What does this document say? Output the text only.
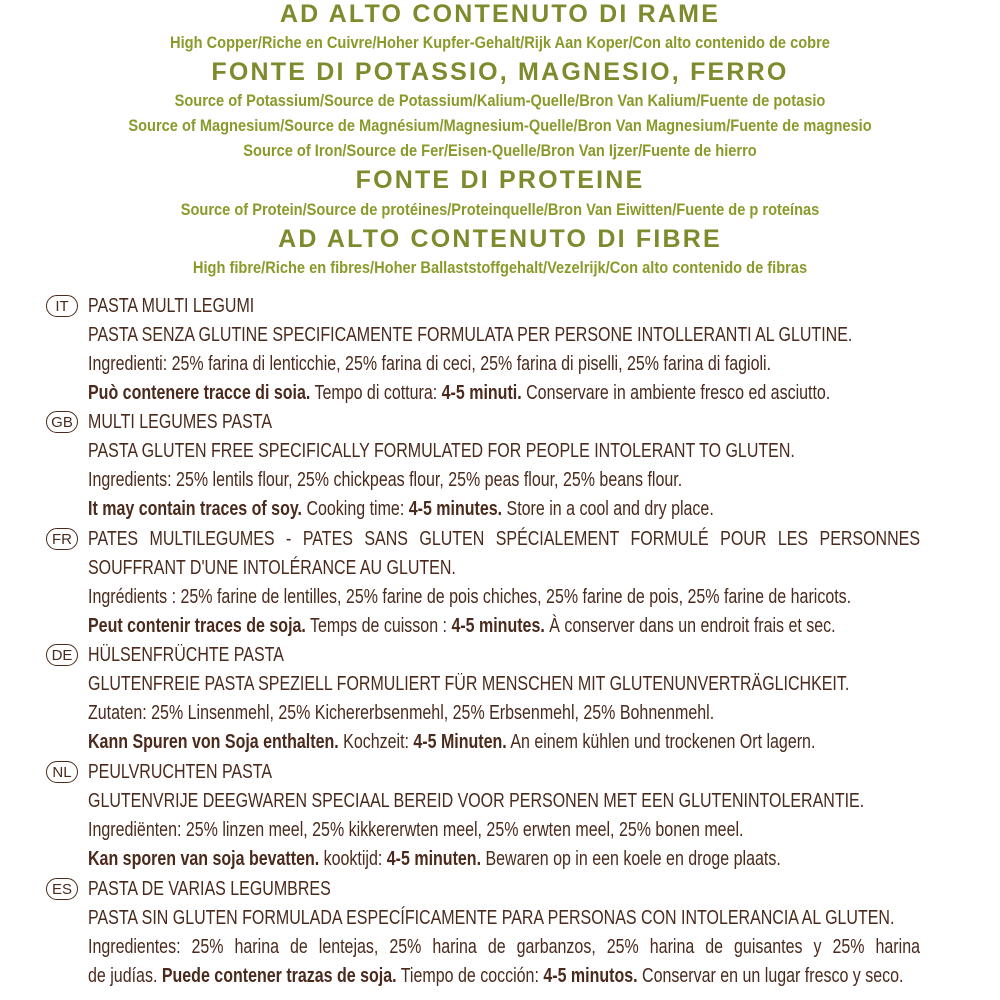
AD ALTO CONTENUTO DI RAME
High Copper/Riche en Cuivre/Hoher Kupfer-Gehalt/Rijk Aan Koper/Con alto contenido de cobre
FONTE DI POTASSIO, MAGNESIO, FERRO
Source of Potassium/Source de Potassium/Kalium-Quelle/Bron Van Kalium/Fuente de potasio
Source of Magnesium/Source de Magnésium/Magnesium-Quelle/Bron Van Magnesium/Fuente de magnesio
Source of Iron/Source de Fer/Eisen-Quelle/Bron Van Ijzer/Fuente de hierro
FONTE DI PROTEINE
Source of Protein/Source de protéines/Proteinquelle/Bron Van Eiwitten/Fuente de p roteínas
AD ALTO CONTENUTO DI FIBRE
High fibre/Riche en fibres/Hoher Ballaststoffgehalt/Vezelrijk/Con alto contenido de fibras
IT PASTA MULTI LEGUMI
PASTA SENZA GLUTINE SPECIFICAMENTE FORMULATA PER PERSONE INTOLLERANTI AL GLUTINE.
Ingredienti: 25% farina di lenticchie, 25% farina di ceci, 25% farina di piselli, 25% farina di fagioli.
Può contenere tracce di soia. Tempo di cottura: 4-5 minuti. Conservare in ambiente fresco ed asciutto.
GB MULTI LEGUMES PASTA
PASTA GLUTEN FREE SPECIFICALLY FORMULATED FOR PEOPLE INTOLERANT TO GLUTEN.
Ingredients: 25% lentils flour, 25% chickpeas flour, 25% peas flour, 25% beans flour.
It may contain traces of soy. Cooking time: 4-5 minutes. Store in a cool and dry place.
FR PATES MULTILEGUMES - PATES SANS GLUTEN SPÉCIALEMENT FORMULÉ POUR LES PERSONNES
SOUFFRANT D'UNE INTOLÉRANCE AU GLUTEN.
Ingrédients : 25% farine de lentilles, 25% farine de pois chiches, 25% farine de pois, 25% farine de haricots.
Peut contenir traces de soja. Temps de cuisson : 4-5 minutes. À conserver dans un endroit frais et sec.
DE HÜLSENFRÜCHTE PASTA
GLUTENFREIE PASTA SPEZIELL FORMULIERT FÜR MENSCHEN MIT GLUTENUNVERTRÄGLICHKEIT.
Zutaten: 25% Linsenmehl, 25% Kichererbsenmehl, 25% Erbsenmehl, 25% Bohnenmehl.
Kann Spuren von Soja enthalten. Kochzeit: 4-5 Minuten. An einem kühlen und trockenen Ort lagern.
NL PEULVRUCHTEN PASTA
GLUTENVRIJE DEEGWAREN SPECIAAL BEREID VOOR PERSONEN MET EEN GLUTENINTOLERANTIE.
Ingrediënten: 25% linzen meel, 25% kikkererwten meel, 25% erwten meel, 25% bonen meel.
Kan sporen van soja bevatten. kooktijd: 4-5 minuten. Bewaren op in een koele en droge plaats.
ES PASTA DE VARIAS LEGUMBRES
PASTA SIN GLUTEN FORMULADA ESPECÍFICAMENTE PARA PERSONAS CON INTOLERANCIA AL GLUTEN.
Ingredientes: 25% harina de lentejas, 25% harina de garbanzos, 25% harina de guisantes y 25% harina
de judías. Puede contener trazas de soja. Tiempo de cocción: 4-5 minutos. Conservar en un lugar fresco y seco.
